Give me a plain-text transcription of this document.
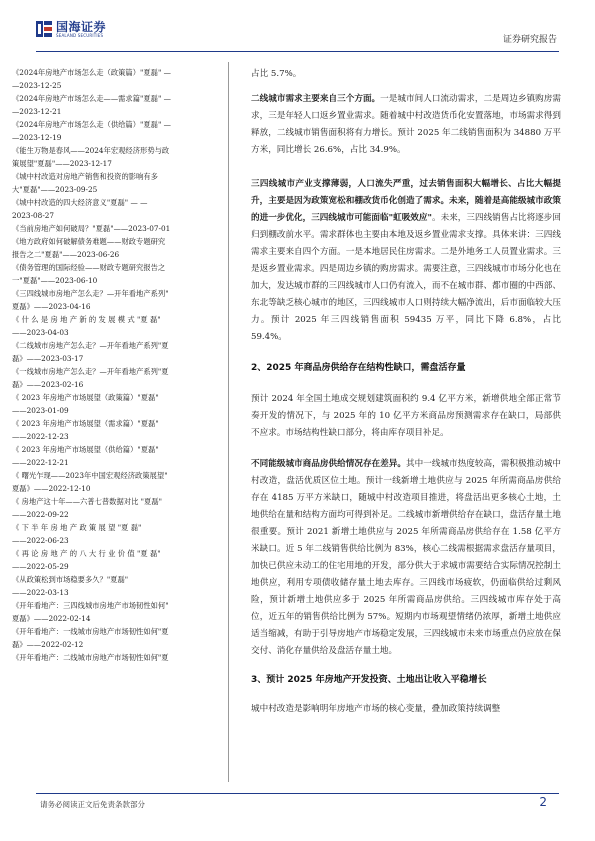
国海证券
SEALAND SECURITIES	证券研究报告
《2024年房地产市场怎么走（政策篇）"夏磊" —
—2023-12-25
《2024年房地产市场怎么走——需求篇"夏磊" —
—2023-12-21
《2024年房地产市场怎么走（供给篇）"夏磊" —
—2023-12-19
《能生万物是春风——2024年宏观经济形势与政
策展望"夏磊"——2023-12-17
《城中村改造对房地产销售和投资的影响有多
大"夏磊"——2023-09-25
《城中村改造的四大经济意义"夏磊" — —
2023-08-27
《当前房地产如何破局？"夏磊"——2023-07-01
《地方政府如何破解债务难题——财政专题研究
报告之二"夏磊"——2023-06-26
《债务管理的国际经验——财政专题研究报告之
一"夏磊"——2023-06-10
《三四线城市房地产怎么走？—开年看地产系列"
夏磊》——2023-04-16
《 什 么 是 房 地 产 新 的 发 展 模 式 "夏 磊"
——2023-04-03
《二线城市房地产怎么走？—开年看地产系列"夏
磊》——2023-03-17
《一线城市房地产怎么走？—开年看地产系列"夏
磊》——2023-02-16
《 2023 年房地产市场展望（政策篇）"夏磊"
——2023-01-09
《 2023 年房地产市场展望（需求篇）"夏磊"
——2022-12-23
《 2023 年房地产市场展望（供给篇）"夏磊"
——2022-12-21
《 曙光乍现——2023年中国宏观经济政策展望"
夏磊》——2022-12-10
《 房地产这十年——六普七普数据对比 "夏磊"
——2022-09-22
《 下 半 年 房 地 产 政 策 展 望 "夏 磊"
——2022-06-23
《 再 论 房 地 产 的 八 大 行 业 价 值 "夏 磊"
——2022-05-29
《从政策松到市场稳要多久？"夏磊"
——2022-03-13
《开年看地产：三四线城市房地产市场韧性如何"
夏磊》——2022-02-14
《开年看地产：一线城市房地产市场韧性如何"夏
磊》——2022-02-12
《开年看地产：二线城市房地产市场韧性如何"夏

占比 5.7%。

二线城市需求主要来自三个方面。一是城市间人口流动需求，二是周边乡镇购房需求，三是年轻人口返乡置业需求。随着城中村改造货币化安置落地，市场需求得到释放，二线城市销售面积将有力增长。预计 2025 年二线销售面积为 34880 万平方米，同比增长 26.6%，占比 34.9%。

三四线城市产业支撑薄弱，人口流失严重，过去销售面积大幅增长、占比大幅提升，主要是因为政策宽松和棚改货币化创造了需求。未来，随着是高能级城市政策的进一步优化，三四线城市可能面临"虹吸效应"。未来，三四线销售占比将逐步回归到棚改前水平。需求群体也主要由本地及返乡置业需求支撑。具体来讲：三四线需求主要来自四个方面。一是本地居民住房需求。二是外地务工人员置业需求。三是返乡置业需求。四是周边乡镇的购房需求。需要注意，三四线城市市场分化也在加大，发达城市群的三四线城市人口仍有流入，而不在城市群、都市圈的中西部、东北等缺乏核心城市的地区，三四线城市人口则持续大幅净流出，后市面临较大压力。预计 2025 年三四线销售面积 59435 万平，同比下降 6.8%，占比 59.4%。

2、2025 年商品房供给存在结构性缺口，需盘活存量

预计 2024 年全国土地成交规划建筑面积约 9.4 亿平方米，新增供地全部正常节奏开发的情况下，与 2025 年的 10 亿平方米商品房预测需求存在缺口，局部供不应求。市场结构性缺口部分，将由库存项目补足。

不同能级城市商品房供给情况存在差异。其中一线城市热度较高，需积极推动城中村改造，盘活优质区位土地。预计一线新增土地供应与 2025 年所需商品房供给存在 4185 万平方米缺口，随城中村改造项目推进，将盘活出更多核心土地，土地供给在量和结构方面均可得到补足。二线城市新增供给存在缺口，盘活存量土地很重要。预计 2021 新增土地供应与 2025 年所需商品房供给存在 1.58 亿平方米缺口。近 5 年二线销售供给比例为 83%，核心二线需根据需求盘活存量项目，加快已供应未动工的住宅用地的开发，部分供大于求城市需要结合实际情况控制土地供应，利用专项债收储存量土地去库存。三四线市场疲软，仍面临供给过剩风险，预计新增土地供应多于 2025 年所需商品房供给。三四线城市库存处于高位，近五年的销售供给比例为 57%。短期内市场观望情绪仍浓厚，新增土地供应适当缩减，有助于引导房地产市场稳定发展，三四线城市未来市场重点仍应放在保交付、消化存量供给及盘活存量土地。

3、预计 2025 年房地产开发投资、土地出让收入平稳增长

城中村改造是影响明年房地产市场的核心变量，叠加政策持续调整

请务必阅读正文后免责条款部分	2
